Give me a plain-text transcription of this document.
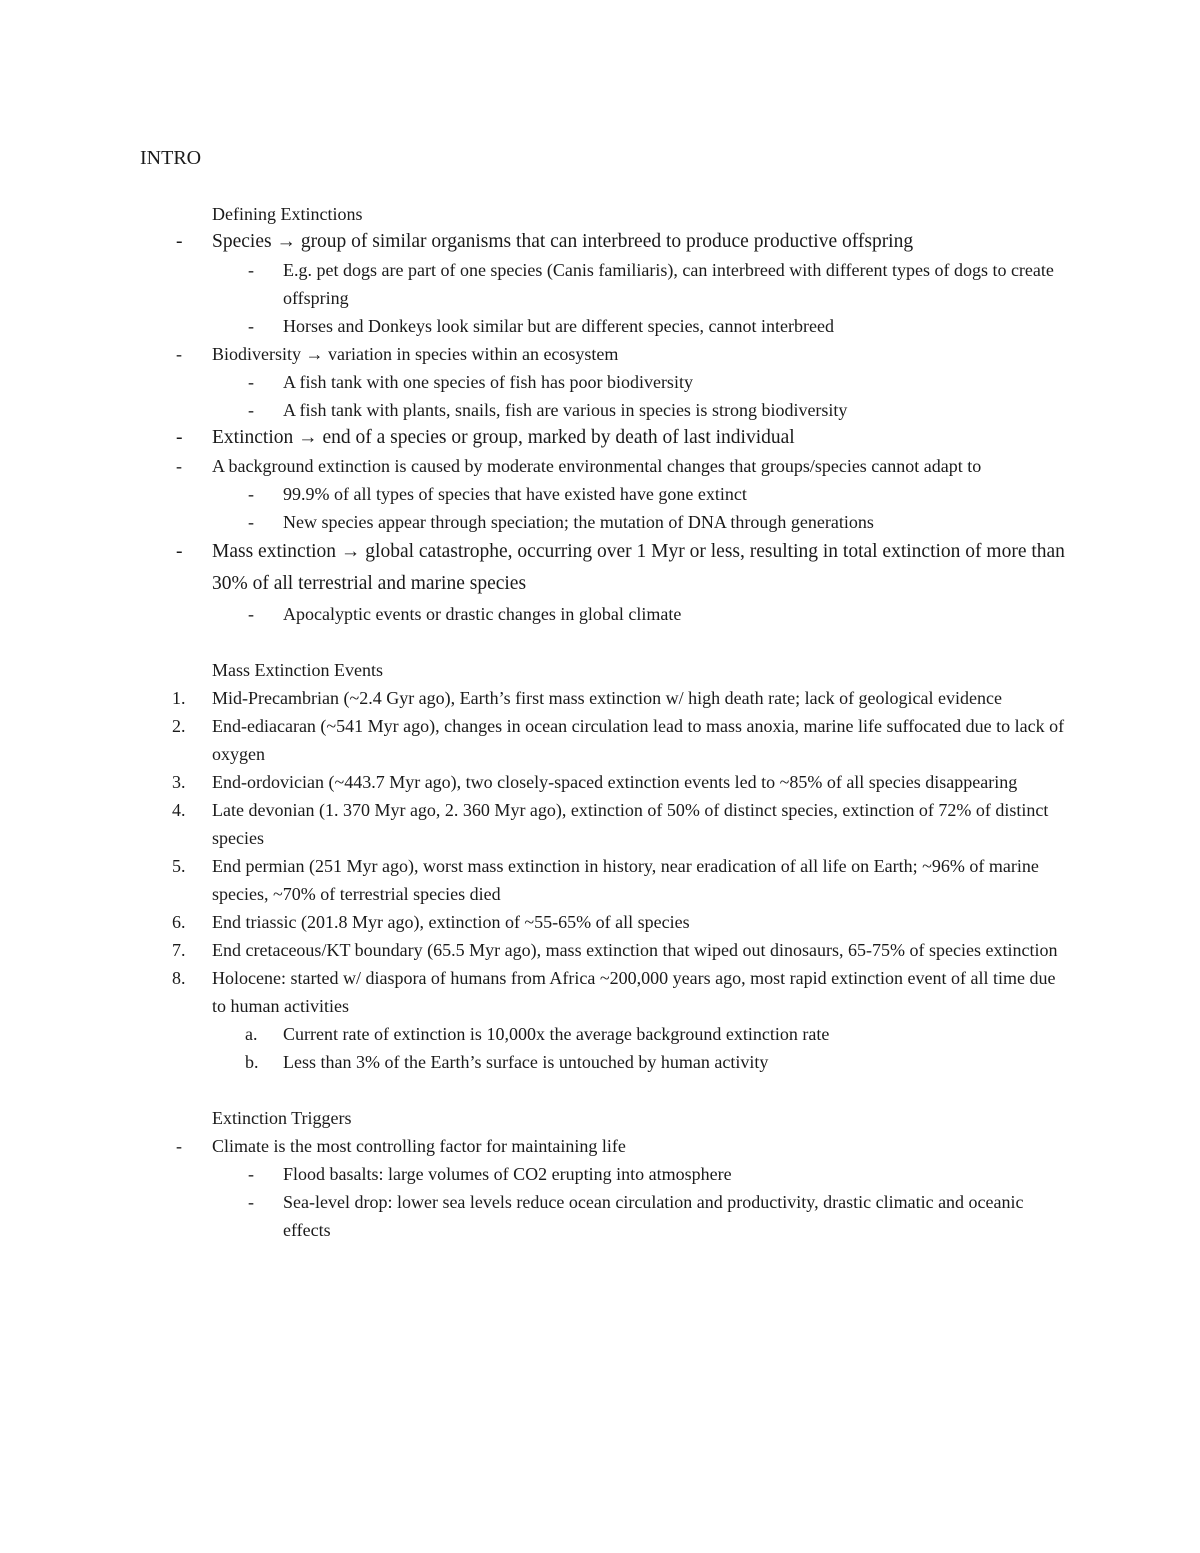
INTRO
Defining Extinctions
- Species → group of similar organisms that can interbreed to produce productive offspring
- E.g. pet dogs are part of one species (Canis familiaris), can interbreed with different types of dogs to create offspring
- Horses and Donkeys look similar but are different species, cannot interbreed
- Biodiversity → variation in species within an ecosystem
- A fish tank with one species of fish has poor biodiversity
- A fish tank with plants, snails, fish are various in species is strong biodiversity
- Extinction → end of a species or group, marked by death of last individual
- A background extinction is caused by moderate environmental changes that groups/species cannot adapt to
- 99.9% of all types of species that have existed have gone extinct
- New species appear through speciation; the mutation of DNA through generations
- Mass extinction → global catastrophe, occurring over 1 Myr or less, resulting in total extinction of more than 30% of all terrestrial and marine species
- Apocalyptic events or drastic changes in global climate
Mass Extinction Events
1. Mid-Precambrian (~2.4 Gyr ago), Earth’s first mass extinction w/ high death rate; lack of geological evidence
2. End-ediacaran (~541 Myr ago), changes in ocean circulation lead to mass anoxia, marine life suffocated due to lack of oxygen
3. End-ordovician (~443.7 Myr ago), two closely-spaced extinction events led to ~85% of all species disappearing
4. Late devonian (1. 370 Myr ago, 2. 360 Myr ago), extinction of 50% of distinct species, extinction of 72% of distinct species
5. End permian (251 Myr ago), worst mass extinction in history, near eradication of all life on Earth; ~96% of marine species, ~70% of terrestrial species died
6. End triassic (201.8 Myr ago), extinction of ~55-65% of all species
7. End cretaceous/KT boundary (65.5 Myr ago), mass extinction that wiped out dinosaurs, 65-75% of species extinction
8. Holocene: started w/ diaspora of humans from Africa ~200,000 years ago, most rapid extinction event of all time due to human activities
a. Current rate of extinction is 10,000x the average background extinction rate
b. Less than 3% of the Earth’s surface is untouched by human activity
Extinction Triggers
- Climate is the most controlling factor for maintaining life
- Flood basalts: large volumes of CO2 erupting into atmosphere
- Sea-level drop: lower sea levels reduce ocean circulation and productivity, drastic climatic and oceanic effects
